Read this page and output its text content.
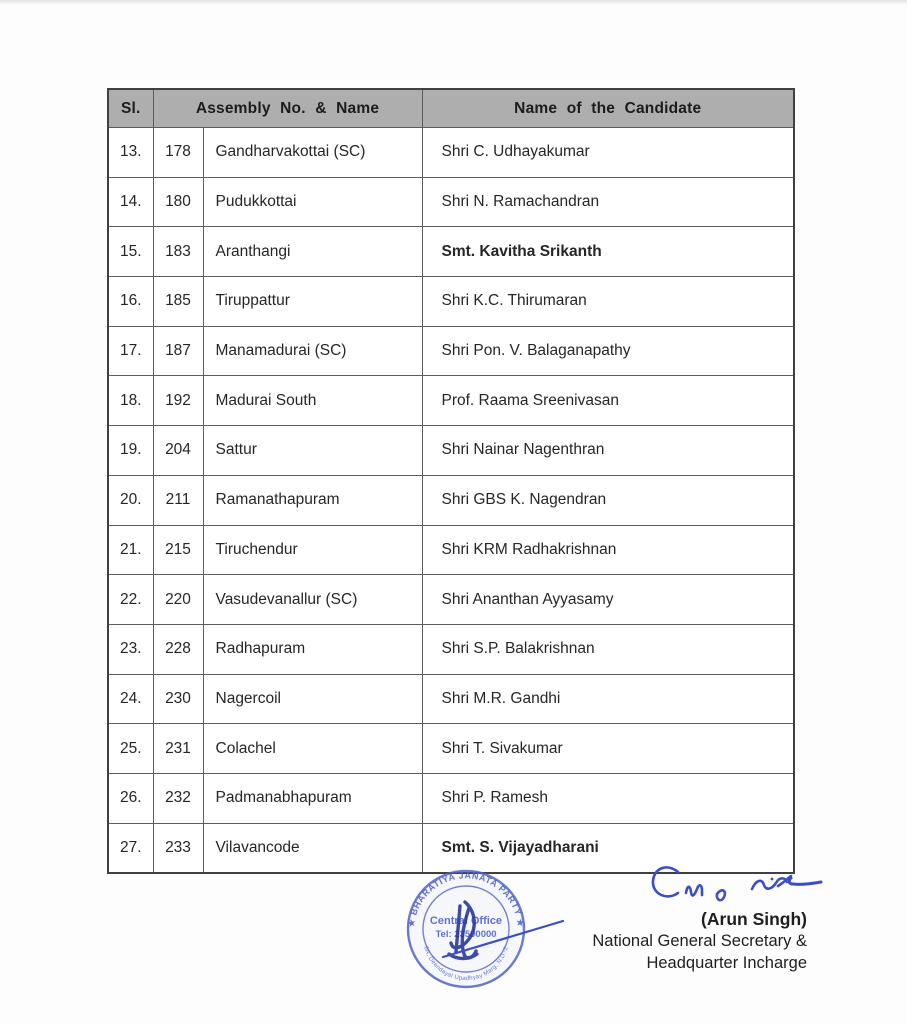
Sl.	Assembly No. & Name		Name of the Candidate
13.	178	Gandharvakottai (SC)	Shri C. Udhayakumar
14.	180	Pudukkottai	Shri N. Ramachandran
15.	183	Aranthangi	Smt. Kavitha Srikanth
16.	185	Tiruppattur	Shri K.C. Thirumaran
17.	187	Manamadurai (SC)	Shri Pon. V. Balaganapathy
18.	192	Madurai South	Prof. Raama Sreenivasan
19.	204	Sattur	Shri Nainar Nagenthran
20.	211	Ramanathapuram	Shri GBS K. Nagendran
21.	215	Tiruchendur	Shri KRM Radhakrishnan
22.	220	Vasudevanallur (SC)	Shri Ananthan Ayyasamy
23.	228	Radhapuram	Shri S.P. Balakrishnan
24.	230	Nagercoil	Shri M.R. Gandhi
25.	231	Colachel	Shri T. Sivakumar
26.	232	Padmanabhapuram	Shri P. Ramesh
27.	233	Vilavancode	Smt. S. Vijayadharani
★ BHARATIYA JANATA PARTY ★
6A, Deendayal Upadhyay Marg, N.D.-2
Central Office
Tel: 23500000
(Arun Singh)
National General Secretary &
Headquarter Incharge
